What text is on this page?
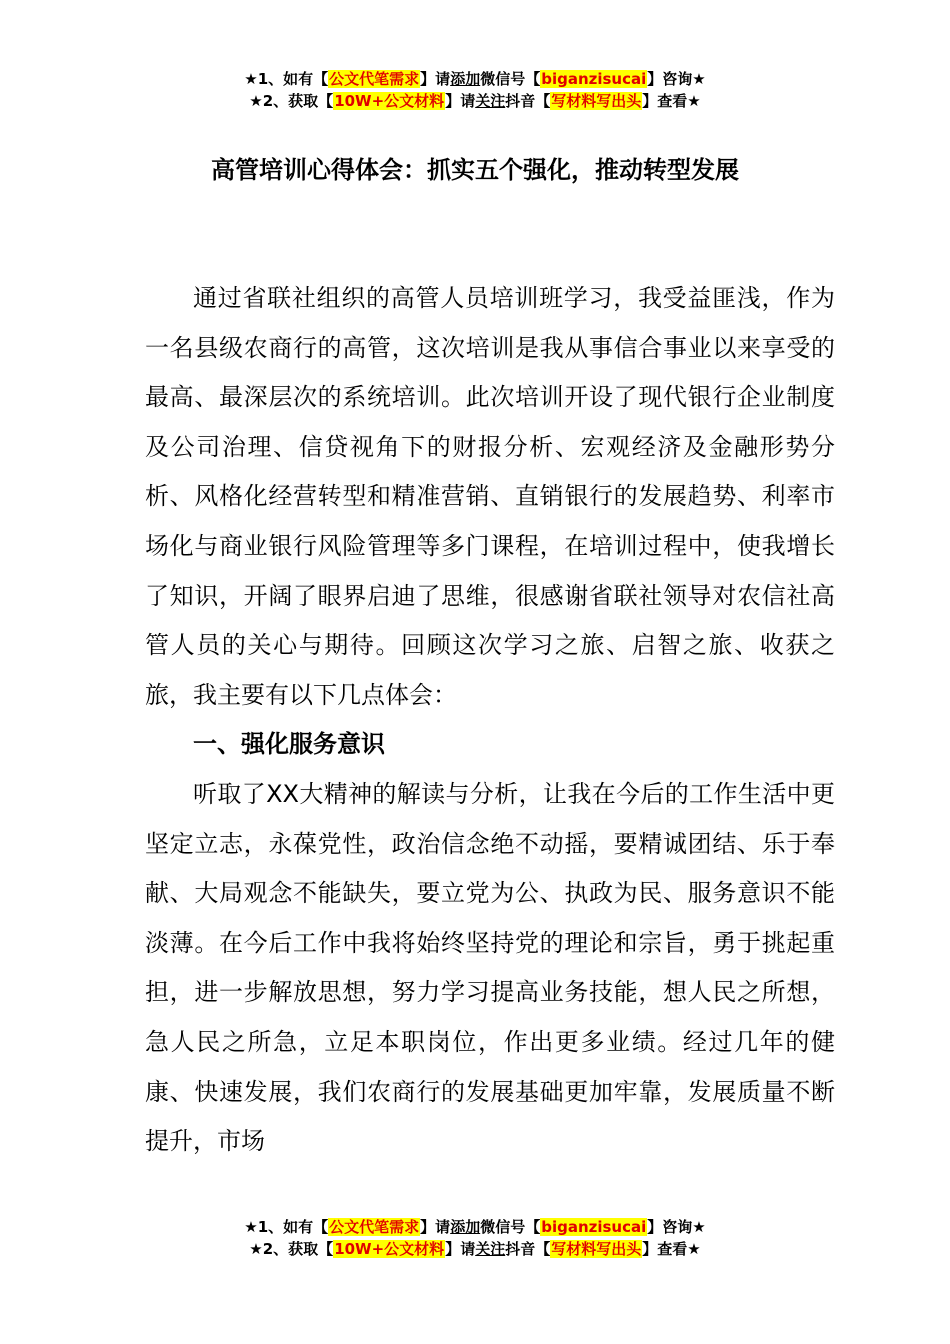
★1、如有【公文代笔需求】请添加微信号【biganzisucai】咨询★
★2、获取【10W+公文材料】请关注抖音【写材料写出头】查看★
高管培训心得体会：抓实五个强化，推动转型发展

通过省联社组织的高管人员培训班学习，我受益匪浅，作为一名县级农商行的高管，这次培训是我从事信合事业以来享受的最高、最深层次的系统培训。此次培训开设了现代银行企业制度及公司治理、信贷视角下的财报分析、宏观经济及金融形势分析、风格化经营转型和精准营销、直销银行的发展趋势、利率市场化与商业银行风险管理等多门课程，在培训过程中，使我增长了知识，开阔了眼界启迪了思维，很感谢省联社领导对农信社高管人员的关心与期待。回顾这次学习之旅、启智之旅、收获之旅，我主要有以下几点体会：

一、强化服务意识

听取了XX大精神的解读与分析，让我在今后的工作生活中更坚定立志，永葆党性，政治信念绝不动摇，要精诚团结、乐于奉献、大局观念不能缺失，要立党为公、执政为民、服务意识不能淡薄。在今后工作中我将始终坚持党的理论和宗旨，勇于挑起重担，进一步解放思想，努力学习提高业务技能，想人民之所想，急人民之所急，立足本职岗位，作出更多业绩。经过几年的健康、快速发展，我们农商行的发展基础更加牢靠，发展质量不断提升，市场

★1、如有【公文代笔需求】请添加微信号【biganzisucai】咨询★
★2、获取【10W+公文材料】请关注抖音【写材料写出头】查看★
